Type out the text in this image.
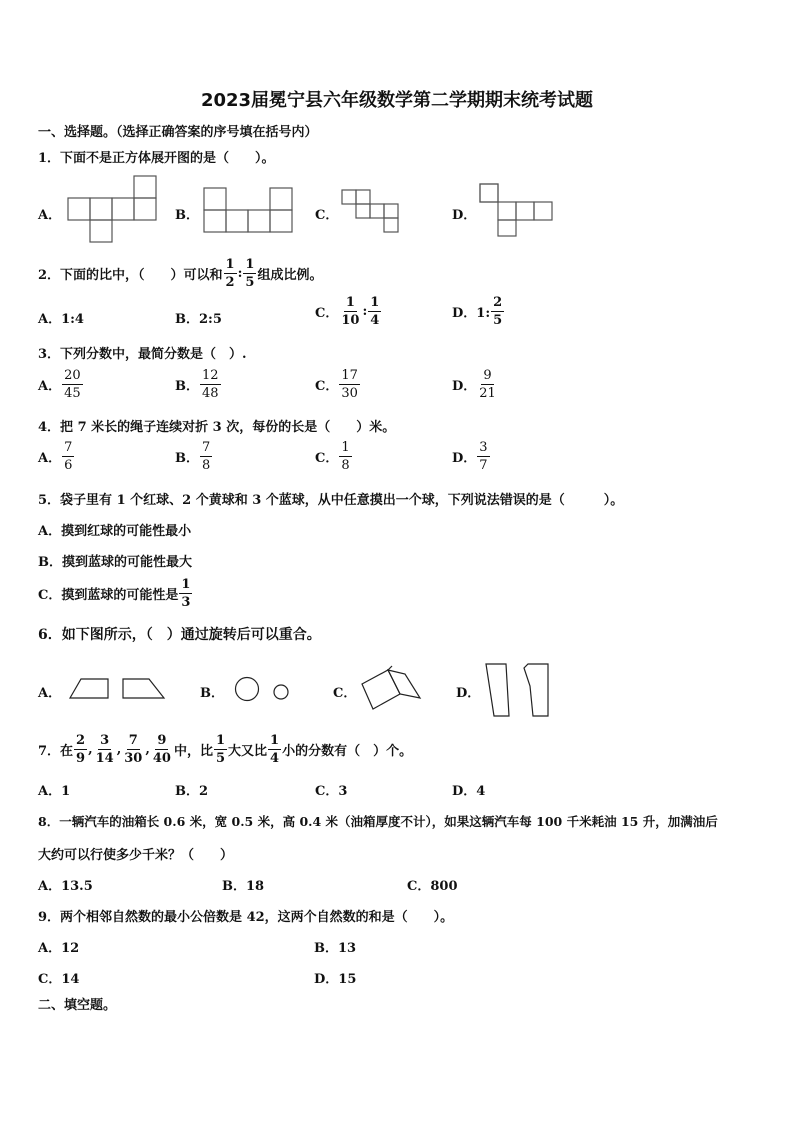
2023届冕宁县六年级数学第二学期期末统考试题
一、选择题。（选择正确答案的序号填在括号内）
1．下面不是正方体展开图的是（　　）。
A．	B．	C．	D．
2．下面的比中，（　　）可以和 $\frac{1}{2}$ : $\frac{1}{5}$ 组成比例。
A．1:4	B．2:5	C． $\frac{1}{10}$ : $\frac{1}{4}$	D．1: $\frac{2}{5}$
3．下列分数中，最简分数是（　）.
A． $\frac{20}{45}$	B． $\frac{12}{48}$	C． $\frac{17}{30}$	D． $\frac{9}{21}$
4．把 7 米长的绳子连续对折 3 次，每份的长是（　　）米。
A． $\frac{7}{6}$	B． $\frac{7}{8}$	C． $\frac{1}{8}$	D． $\frac{3}{7}$
5．袋子里有 1 个红球、2 个黄球和 3 个蓝球，从中任意摸出一个球，下列说法错误的是（　　　）。
A．摸到红球的可能性最小
B．摸到蓝球的可能性最大
C．摸到蓝球的可能性是 $\frac{1}{3}$
6．如下图所示，（　）通过旋转后可以重合。
A．	B．	C．	D．
7．在 $\frac{2}{9}$ , $\frac{3}{14}$ , $\frac{7}{30}$ , $\frac{9}{40}$ 中，比 $\frac{1}{5}$ 大又比 $\frac{1}{4}$ 小的分数有（　）个。
A．1	B．2	C．3	D．4
8．一辆汽车的油箱长 0.6 米，宽 0.5 米，高 0.4 米（油箱厚度不计），如果这辆汽车每 100 千米耗油 15 升，加满油后
大约可以行使多少千米？（　　）
A．13.5	B．18	C．800
9．两个相邻自然数的最小公倍数是 42，这两个自然数的和是（　　）。
A．12	B．13
C．14	D．15
二、填空题。
